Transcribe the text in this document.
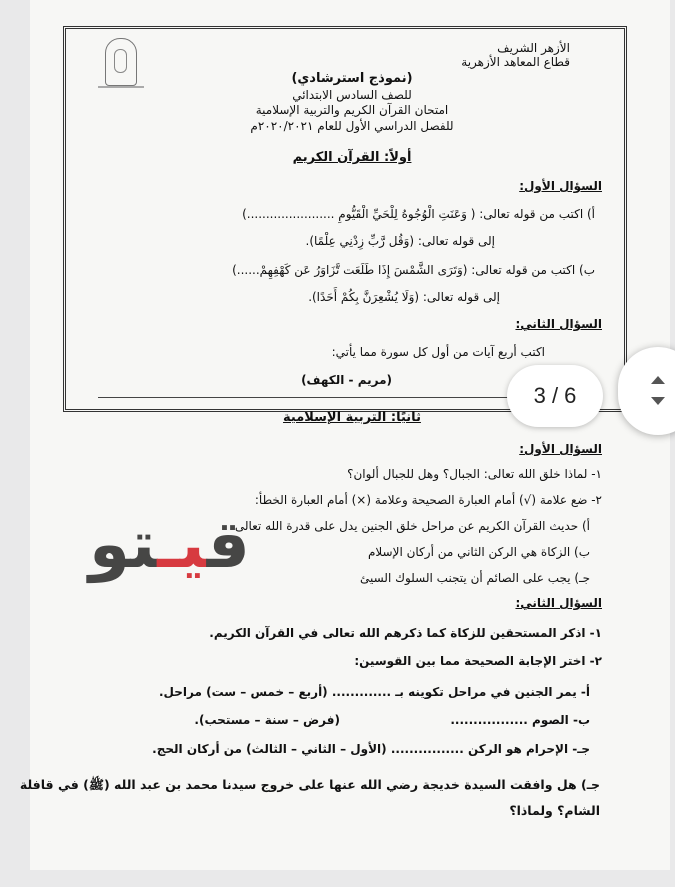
الأزهر الشريف
قطاع المعاهد الأزهرية
(نموذج استرشادي)
للصف السادس الابتدائي
امتحان القرآن الكريم والتربية الإسلامية
للفصل الدراسي الأول للعام ٢٠٢٠/٢٠٢١م
أولاً: القرآن الكريم
السؤال الأول:
أ) اكتب من قوله تعالى: ( وَعَنَتِ الْوُجُوهُ لِلْحَيِّ الْقَيُّومِ .......................)
إلى قوله تعالى: (وَقُل رَّبِّ زِدْنِي عِلْمًا).
ب) اكتب من قوله تعالى: (وَتَرَى الشَّمْسَ إِذَا طَلَعَت تَّزَاوَرُ عَن كَهْفِهِمْ......)
إلى قوله تعالى: (وَلَا يُشْعِرَنَّ بِكُمْ أَحَدًا).
السؤال الثاني:
اكتب أربع آيات من أول كل سورة مما يأتي:
(مريم - الكهف)
ثانيًا: التربية الإسلامية
السؤال الأول:
١- لماذا خلق الله تعالى: الجبال؟ وهل للجبال ألوان؟
٢- ضع علامة (√) أمام العبارة الصحيحة وعلامة (×) أمام العبارة الخطأ:
أ) حديث القرآن الكريم عن مراحل خلق الجنين يدل على قدرة الله تعالى
ب) الزكاة هي الركن الثاني من أركان الإسلام
جـ) يجب على الصائم أن يتجنب السلوك السيئ
السؤال الثاني:
١- اذكر المستحقين للزكاة كما ذكرهم الله تعالى في القرآن الكريم.
٢- اختر الإجابة الصحيحة مما بين القوسين:
أ- يمر الجنين في مراحل تكوينه بـ ............. (أربع – خمس – ست) مراحل.
ب- الصوم .................
(فرض – سنة – مستحب).
جـ- الإحرام هو الركن ................ (الأول – الثاني – الثالث) من أركان الحج.
جـ) هل وافقت السيدة خديجة رضي الله عنها على خروج سيدنا محمد بن عبد الله (ﷺ) في قافلة
الشام؟ ولماذا؟
قيـتو
3 / 6
